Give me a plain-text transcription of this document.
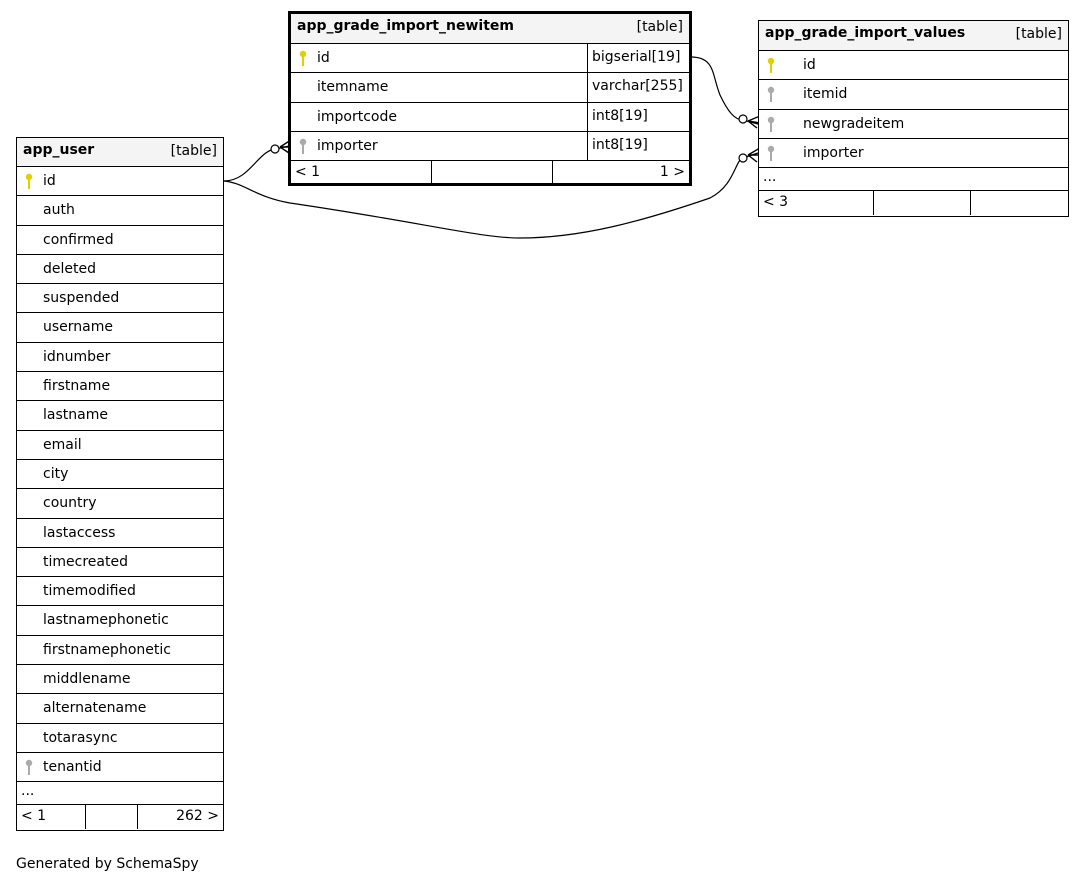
app_user	[table]
id
auth
confirmed
deleted
suspended
username
idnumber
firstname
lastname
email
city
country
lastaccess
timecreated
timemodified
lastnamephonetic
firstnamephonetic
middlename
alternatename
totarasync
tenantid
...
< 1	262 >
app_grade_import_newitem	[table]
id	bigserial[19]
itemname	varchar[255]
importcode	int8[19]
importer	int8[19]
< 1	1 >
app_grade_import_values	[table]
id
itemid
newgradeitem
importer
...
< 3
Generated by SchemaSpy
